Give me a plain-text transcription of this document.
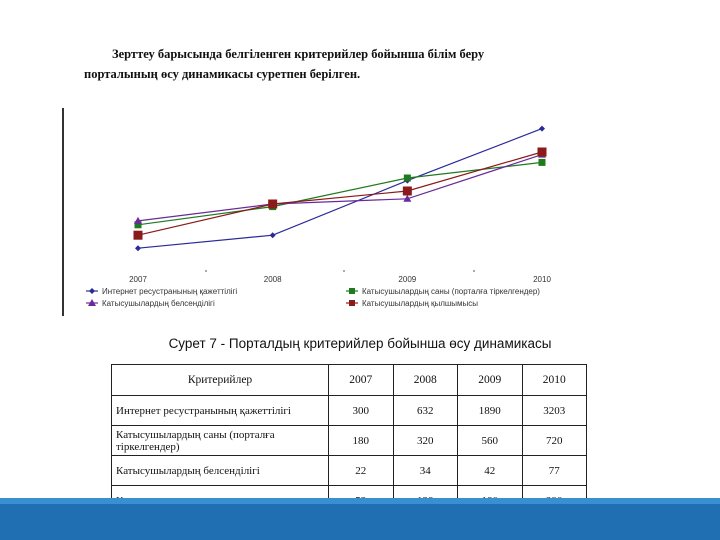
Зерттеу барысында белгіленген критерийлер бойынша білім беру
порталының өсу динамикасы суретпен берілген.
2007	2008	2009	2010
Интернет ресустранының қажеттілігі	Катысушылардың саны (порталға тіркелгендер)
Катысушылардың белсенділігі	Катысушылардың қылшымысы
Сурет 7 - Порталдың критерийлер бойынша өсу динамикасы
Критерийлер	2007	2008	2009	2010
Интернет ресустранының қажеттілігі	300	632	1890	3203
Катысушылардың саны (порталға тіркелгендер)	180	320	560	720
Катысушылардың белсенділігі	22	34	42	77
